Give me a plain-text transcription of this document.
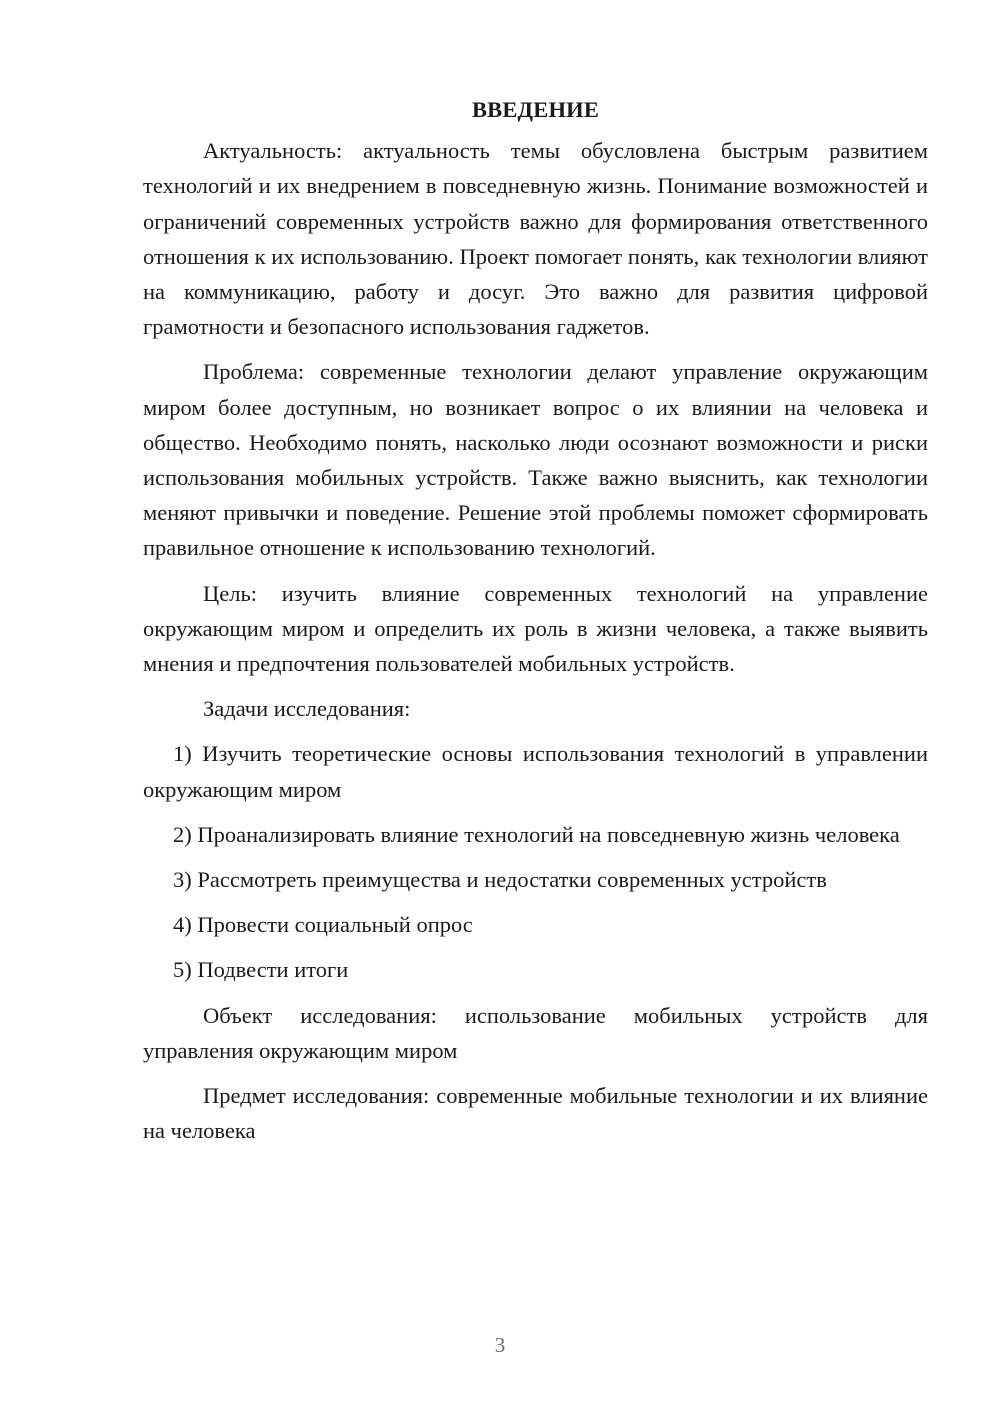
ВВЕДЕНИЕ

Актуальность: актуальность темы обусловлена быстрым развитием технологий и их внедрением в повседневную жизнь. Понимание возможностей и ограничений современных устройств важно для формирования ответственного отношения к их использованию. Проект помогает понять, как технологии влияют на коммуникацию, работу и досуг. Это важно для развития цифровой грамотности и безопасного использования гаджетов.

Проблема: современные технологии делают управление окружающим миром более доступным, но возникает вопрос о их влиянии на человека и общество. Необходимо понять, насколько люди осознают возможности и риски использования мобильных устройств. Также важно выяснить, как технологии меняют привычки и поведение. Решение этой проблемы поможет сформировать правильное отношение к использованию технологий.

Цель: изучить влияние современных технологий на управление окружающим миром и определить их роль в жизни человека, а также выявить мнения и предпочтения пользователей мобильных устройств.

Задачи исследования:

1) Изучить теоретические основы использования технологий в управлении окружающим миром

2) Проанализировать влияние технологий на повседневную жизнь человека

3) Рассмотреть преимущества и недостатки современных устройств

4) Провести социальный опрос

5) Подвести итоги

Объект исследования: использование мобильных устройств для управления окружающим миром

Предмет исследования: современные мобильные технологии и их влияние на человека

3
